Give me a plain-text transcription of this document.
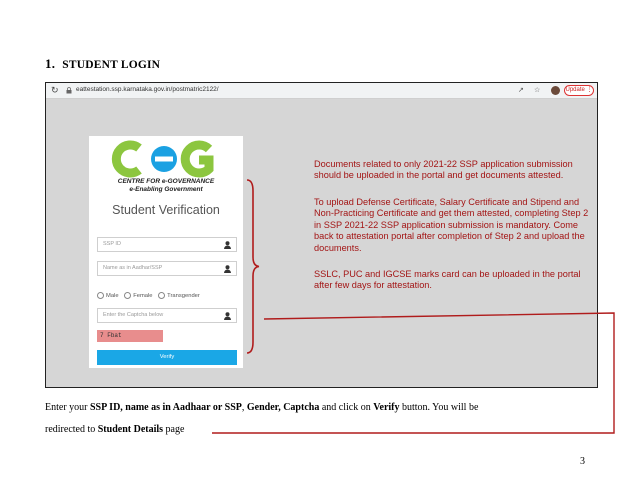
1. STUDENT LOGIN
↻	eattestation.ssp.karnataka.gov.in/postmatric2122/	↗ ☆	Update ⋮
CENTRE FOR e-GOVERNANCE
e-Enabling Government
Student Verification
SSP ID
Name as in Aadhar/SSP
Male	Female	Transgender
Enter the Captcha below
7 Fbat
Verify
Documents related to only 2021-22 SSP application submission should be uploaded in the portal and get documents attested.
To upload Defense Certificate, Salary Certificate and Stipend and Non-Practicing Certificate and get them attested, completing Step 2 in SSP 2021-22 SSP application submission is mandatory. Come back to attestation portal after completion of Step 2 and upload the documents.
SSLC, PUC and IGCSE marks card can be uploaded in the portal after few days for attestation.
Enter your SSP ID, name as in Aadhaar or SSP, Gender, Captcha and click on Verify button. You will be
redirected to Student Details page
3
